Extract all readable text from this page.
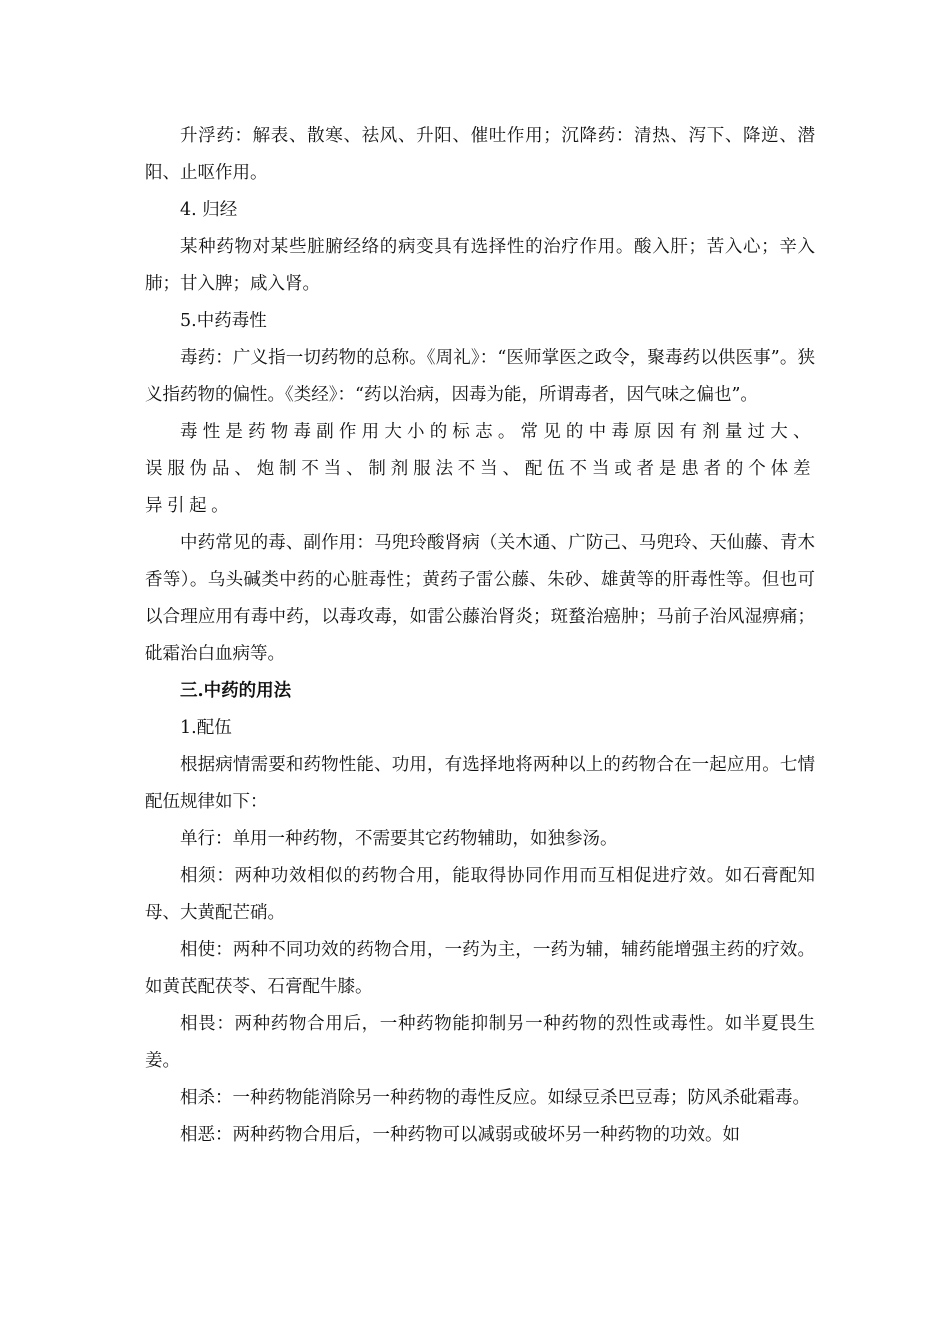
升浮药：解表、散寒、祛风、升阳、催吐作用；沉降药：清热、泻下、降逆、潜阳、止呕作用。

4. 归经

某种药物对某些脏腑经络的病变具有选择性的治疗作用。酸入肝；苦入心；辛入肺；甘入脾；咸入肾。

5.中药毒性

毒药：广义指一切药物的总称。《周礼》：“医师掌医之政令，聚毒药以供医事”。狭义指药物的偏性。《类经》：“药以治病，因毒为能，所谓毒者，因气味之偏也”。

毒性是药物毒副作用大小的标志。常见的中毒原因有剂量过大、误服伪品、炮制不当、制剂服法不当、配伍不当或者是患者的个体差异引起。

中药常见的毒、副作用：马兜玲酸肾病（关木通、广防己、马兜玲、天仙藤、青木香等）。乌头碱类中药的心脏毒性；黄药子雷公藤、朱砂、雄黄等的肝毒性等。但也可以合理应用有毒中药，以毒攻毒，如雷公藤治肾炎；斑蝥治癌肿；马前子治风湿痹痛；砒霜治白血病等。

三.中药的用法

1.配伍

根据病情需要和药物性能、功用，有选择地将两种以上的药物合在一起应用。七情配伍规律如下：

单行：单用一种药物，不需要其它药物辅助，如独参汤。

相须：两种功效相似的药物合用，能取得协同作用而互相促进疗效。如石膏配知母、大黄配芒硝。

相使：两种不同功效的药物合用，一药为主，一药为辅，辅药能增强主药的疗效。如黄芪配茯苓、石膏配牛膝。

相畏：两种药物合用后，一种药物能抑制另一种药物的烈性或毒性。如半夏畏生姜。

相杀：一种药物能消除另一种药物的毒性反应。如绿豆杀巴豆毒；防风杀砒霜毒。

相恶：两种药物合用后，一种药物可以减弱或破坏另一种药物的功效。如
